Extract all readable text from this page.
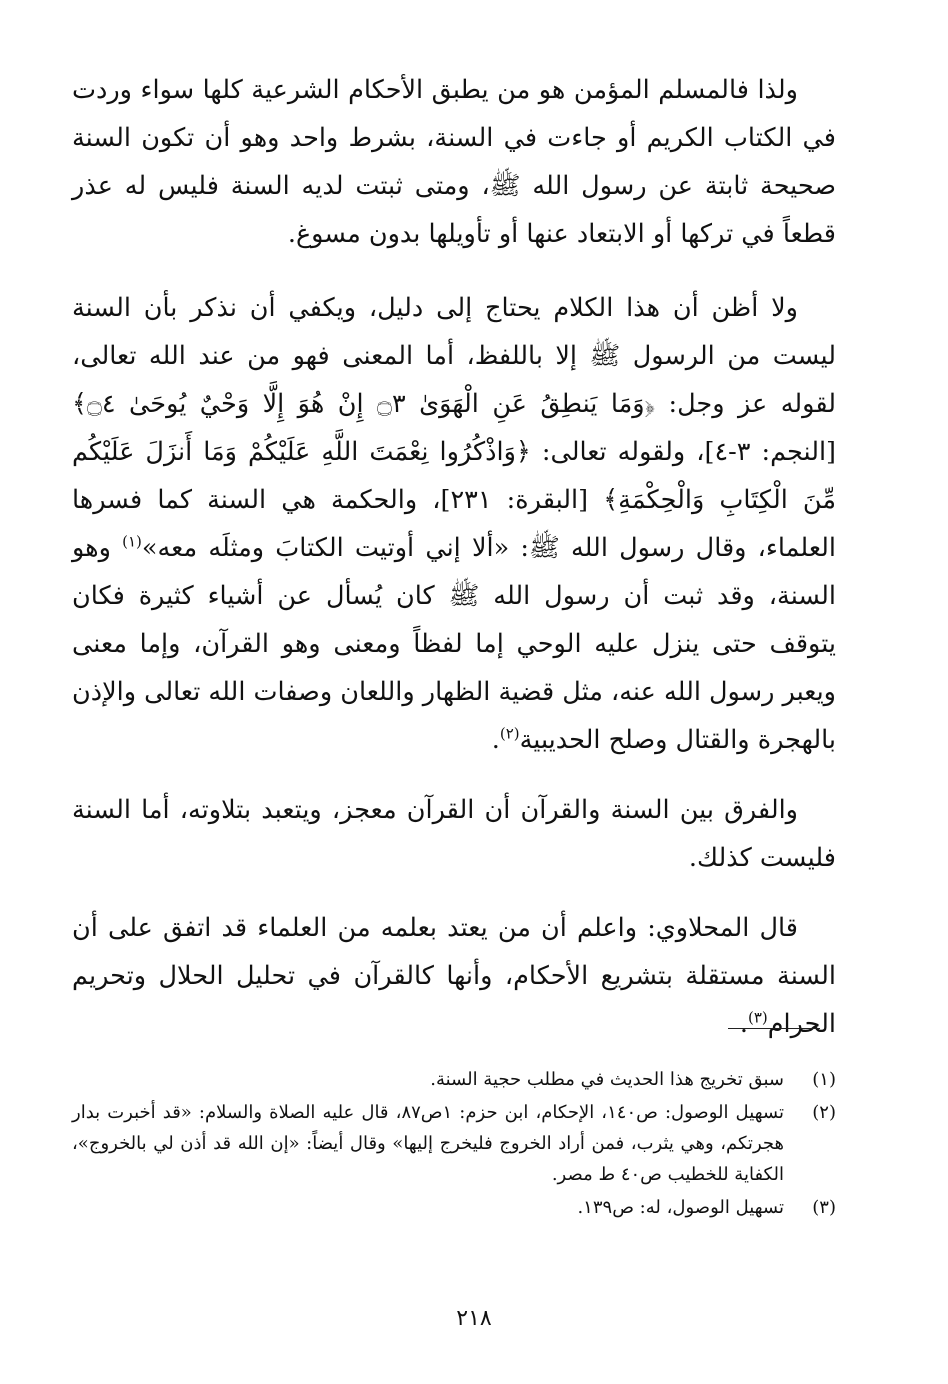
ولذا فالمسلم المؤمن هو من يطبق الأحكام الشرعية كلها سواء وردت في الكتاب الكريم أو جاءت في السنة، بشرط واحد وهو أن تكون السنة صحيحة ثابتة عن رسول الله ﷺ، ومتى ثبتت لديه السنة فليس له عذر قطعاً في تركها أو الابتعاد عنها أو تأويلها بدون مسوغ.

ولا أظن أن هذا الكلام يحتاج إلى دليل، ويكفي أن نذكر بأن السنة ليست من الرسول ﷺ إلا باللفظ، أما المعنى فهو من عند الله تعالى، لقوله عز وجل: ﴿وَمَا يَنطِقُ عَنِ الْهَوَىٰ ۝٣ إِنْ هُوَ إِلَّا وَحْيٌ يُوحَىٰ ۝٤﴾ [النجم: ٣-٤]، ولقوله تعالى: ﴿وَاذْكُرُوا نِعْمَتَ اللَّهِ عَلَيْكُمْ وَمَا أَنزَلَ عَلَيْكُم مِّنَ الْكِتَابِ وَالْحِكْمَةِ﴾ [البقرة: ٢٣١]، والحكمة هي السنة كما فسرها العلماء، وقال رسول الله ﷺ: «ألا إني أوتيت الكتابَ ومثلَه معه»$^{(١)}$ وهو السنة، وقد ثبت أن رسول الله ﷺ كان يُسأل عن أشياء كثيرة فكان يتوقف حتى ينزل عليه الوحي إما لفظاً ومعنى وهو القرآن، وإما معنى ويعبر رسول الله عنه، مثل قضية الظهار واللعان وصفات الله تعالى والإذن بالهجرة والقتال وصلح الحديبية$^{(٢)}$.

والفرق بين السنة والقرآن أن القرآن معجز، ويتعبد بتلاوته، أما السنة فليست كذلك.

قال المحلاوي: واعلم أن من يعتد بعلمه من العلماء قد اتفق على أن السنة مستقلة بتشريع الأحكام، وأنها كالقرآن في تحليل الحلال وتحريم الحرام$^{(٣)}$.

(١)
سبق تخريج هذا الحديث في مطلب حجية السنة.
(٢)
تسهيل الوصول: ص١٤٠، الإحكام، ابن حزم: ١ص٨٧، قال عليه الصلاة والسلام: «قد أخبرت بدار هجرتكم، وهي يثرب، فمن أراد الخروج فليخرج إليها» وقال أيضاً: «إن الله قد أذن لي بالخروج»، الكفاية للخطيب ص٤٠ ط مصر.
(٣)
تسهيل الوصول، له: ص١٣٩.
٢١٨
